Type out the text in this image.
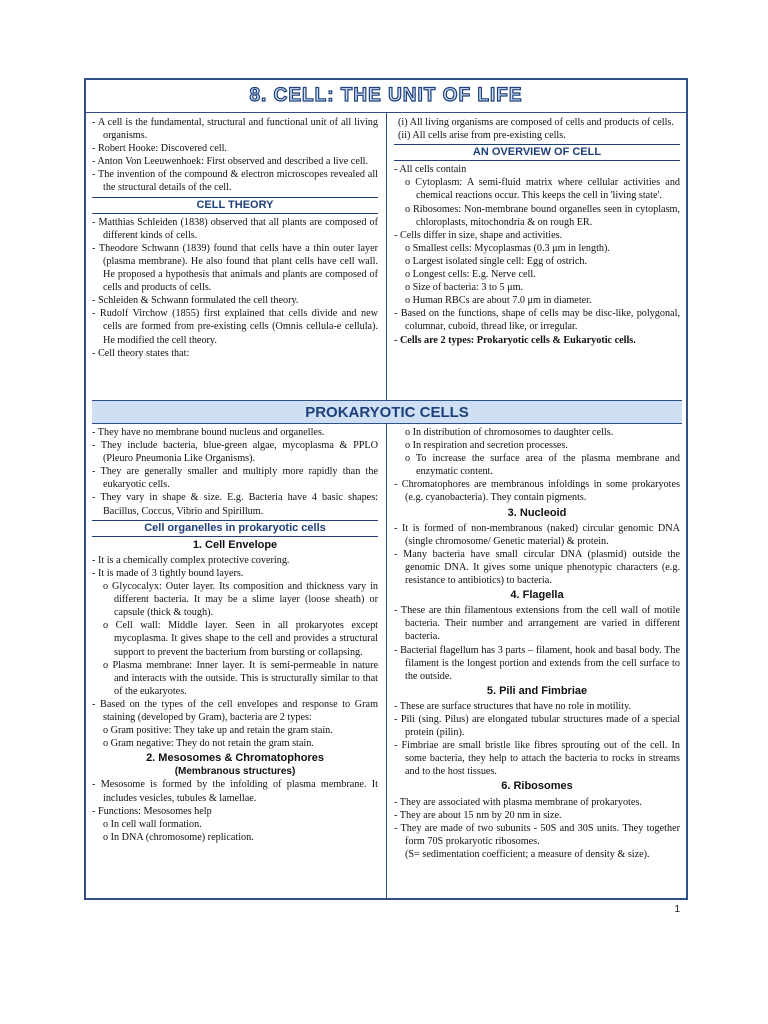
8. CELL: THE UNIT OF LIFE
- A cell is the fundamental, structural and functional unit of all living organisms.
- Robert Hooke: Discovered cell.
- Anton Von Leeuwenhoek: First observed and described a live cell.
- The invention of the compound & electron microscopes revealed all the structural details of the cell.
CELL THEORY
- Matthias Schleiden (1838) observed that all plants are composed of different kinds of cells.
- Theodore Schwann (1839) found that cells have a thin outer layer (plasma membrane). He also found that plant cells have cell wall. He proposed a hypothesis that animals and plants are composed of cells and products of cells.
- Schleiden & Schwann formulated the cell theory.
- Rudolf Virchow (1855) first explained that cells divide and new cells are formed from pre-existing cells (Omnis cellula-e cellula). He modified the cell theory.
- Cell theory states that:
(i) All living organisms are composed of cells and products of cells.
(ii) All cells arise from pre-existing cells.
AN OVERVIEW OF CELL
- All cells contain
o Cytoplasm: A semi-fluid matrix where cellular activities and chemical reactions occur. This keeps the cell in 'living state'.
o Ribosomes: Non-membrane bound organelles seen in cytoplasm, chloroplasts, mitochondria & on rough ER.
- Cells differ in size, shape and activities.
o Smallest cells: Mycoplasmas (0.3 μm in length).
o Largest isolated single cell: Egg of ostrich.
o Longest cells: E.g. Nerve cell.
o Size of bacteria: 3 to 5 μm.
o Human RBCs are about 7.0 μm in diameter.
- Based on the functions, shape of cells may be disc-like, polygonal, columnar, cuboid, thread like, or irregular.
- Cells are 2 types: Prokaryotic cells & Eukaryotic cells.
PROKARYOTIC CELLS
- They have no membrane bound nucleus and organelles.
- They include bacteria, blue-green algae, mycoplasma & PPLO (Pleuro Pneumonia Like Organisms).
- They are generally smaller and multiply more rapidly than the eukaryotic cells.
- They vary in shape & size. E.g. Bacteria have 4 basic shapes: Bacillus, Coccus, Vibrio and Spirillum.
Cell organelles in prokaryotic cells
1. Cell Envelope
- It is a chemically complex protective covering.
- It is made of 3 tightly bound layers.
o Glycocalyx: Outer layer. Its composition and thickness vary in different bacteria. It may be a slime layer (loose sheath) or capsule (thick & tough).
o Cell wall: Middle layer. Seen in all prokaryotes except mycoplasma. It gives shape to the cell and provides a structural support to prevent the bacterium from bursting or collapsing.
o Plasma membrane: Inner layer. It is semi-permeable in nature and interacts with the outside. This is structurally similar to that of the eukaryotes.
- Based on the types of the cell envelopes and response to Gram staining (developed by Gram), bacteria are 2 types:
o Gram positive: They take up and retain the gram stain.
o Gram negative: They do not retain the gram stain.
2. Mesosomes & Chromatophores
(Membranous structures)
- Mesosome is formed by the infolding of plasma membrane. It includes vesicles, tubules & lamellae.
- Functions: Mesosomes help
o In cell wall formation.
o In DNA (chromosome) replication.
o In distribution of chromosomes to daughter cells.
o In respiration and secretion processes.
o To increase the surface area of the plasma membrane and enzymatic content.
- Chromatophores are membranous infoldings in some prokaryotes (e.g. cyanobacteria). They contain pigments.
3. Nucleoid
- It is formed of non-membranous (naked) circular genomic DNA (single chromosome/ Genetic material) & protein.
- Many bacteria have small circular DNA (plasmid) outside the genomic DNA. It gives some unique phenotypic characters (e.g. resistance to antibiotics) to bacteria.
4. Flagella
- These are thin filamentous extensions from the cell wall of motile bacteria. Their number and arrangement are varied in different bacteria.
- Bacterial flagellum has 3 parts – filament, hook and basal body. The filament is the longest portion and extends from the cell surface to the outside.
5. Pili and Fimbriae
- These are surface structures that have no role in motility.
- Pili (sing. Pilus) are elongated tubular structures made of a special protein (pilin).
- Fimbriae are small bristle like fibres sprouting out of the cell. In some bacteria, they help to attach the bacteria to rocks in streams and to the host tissues.
6. Ribosomes
- They are associated with plasma membrane of prokaryotes.
- They are about 15 nm by 20 nm in size.
- They are made of two subunits - 50S and 30S units. They together form 70S prokaryotic ribosomes.
(S= sedimentation coefficient; a measure of density & size).
1
